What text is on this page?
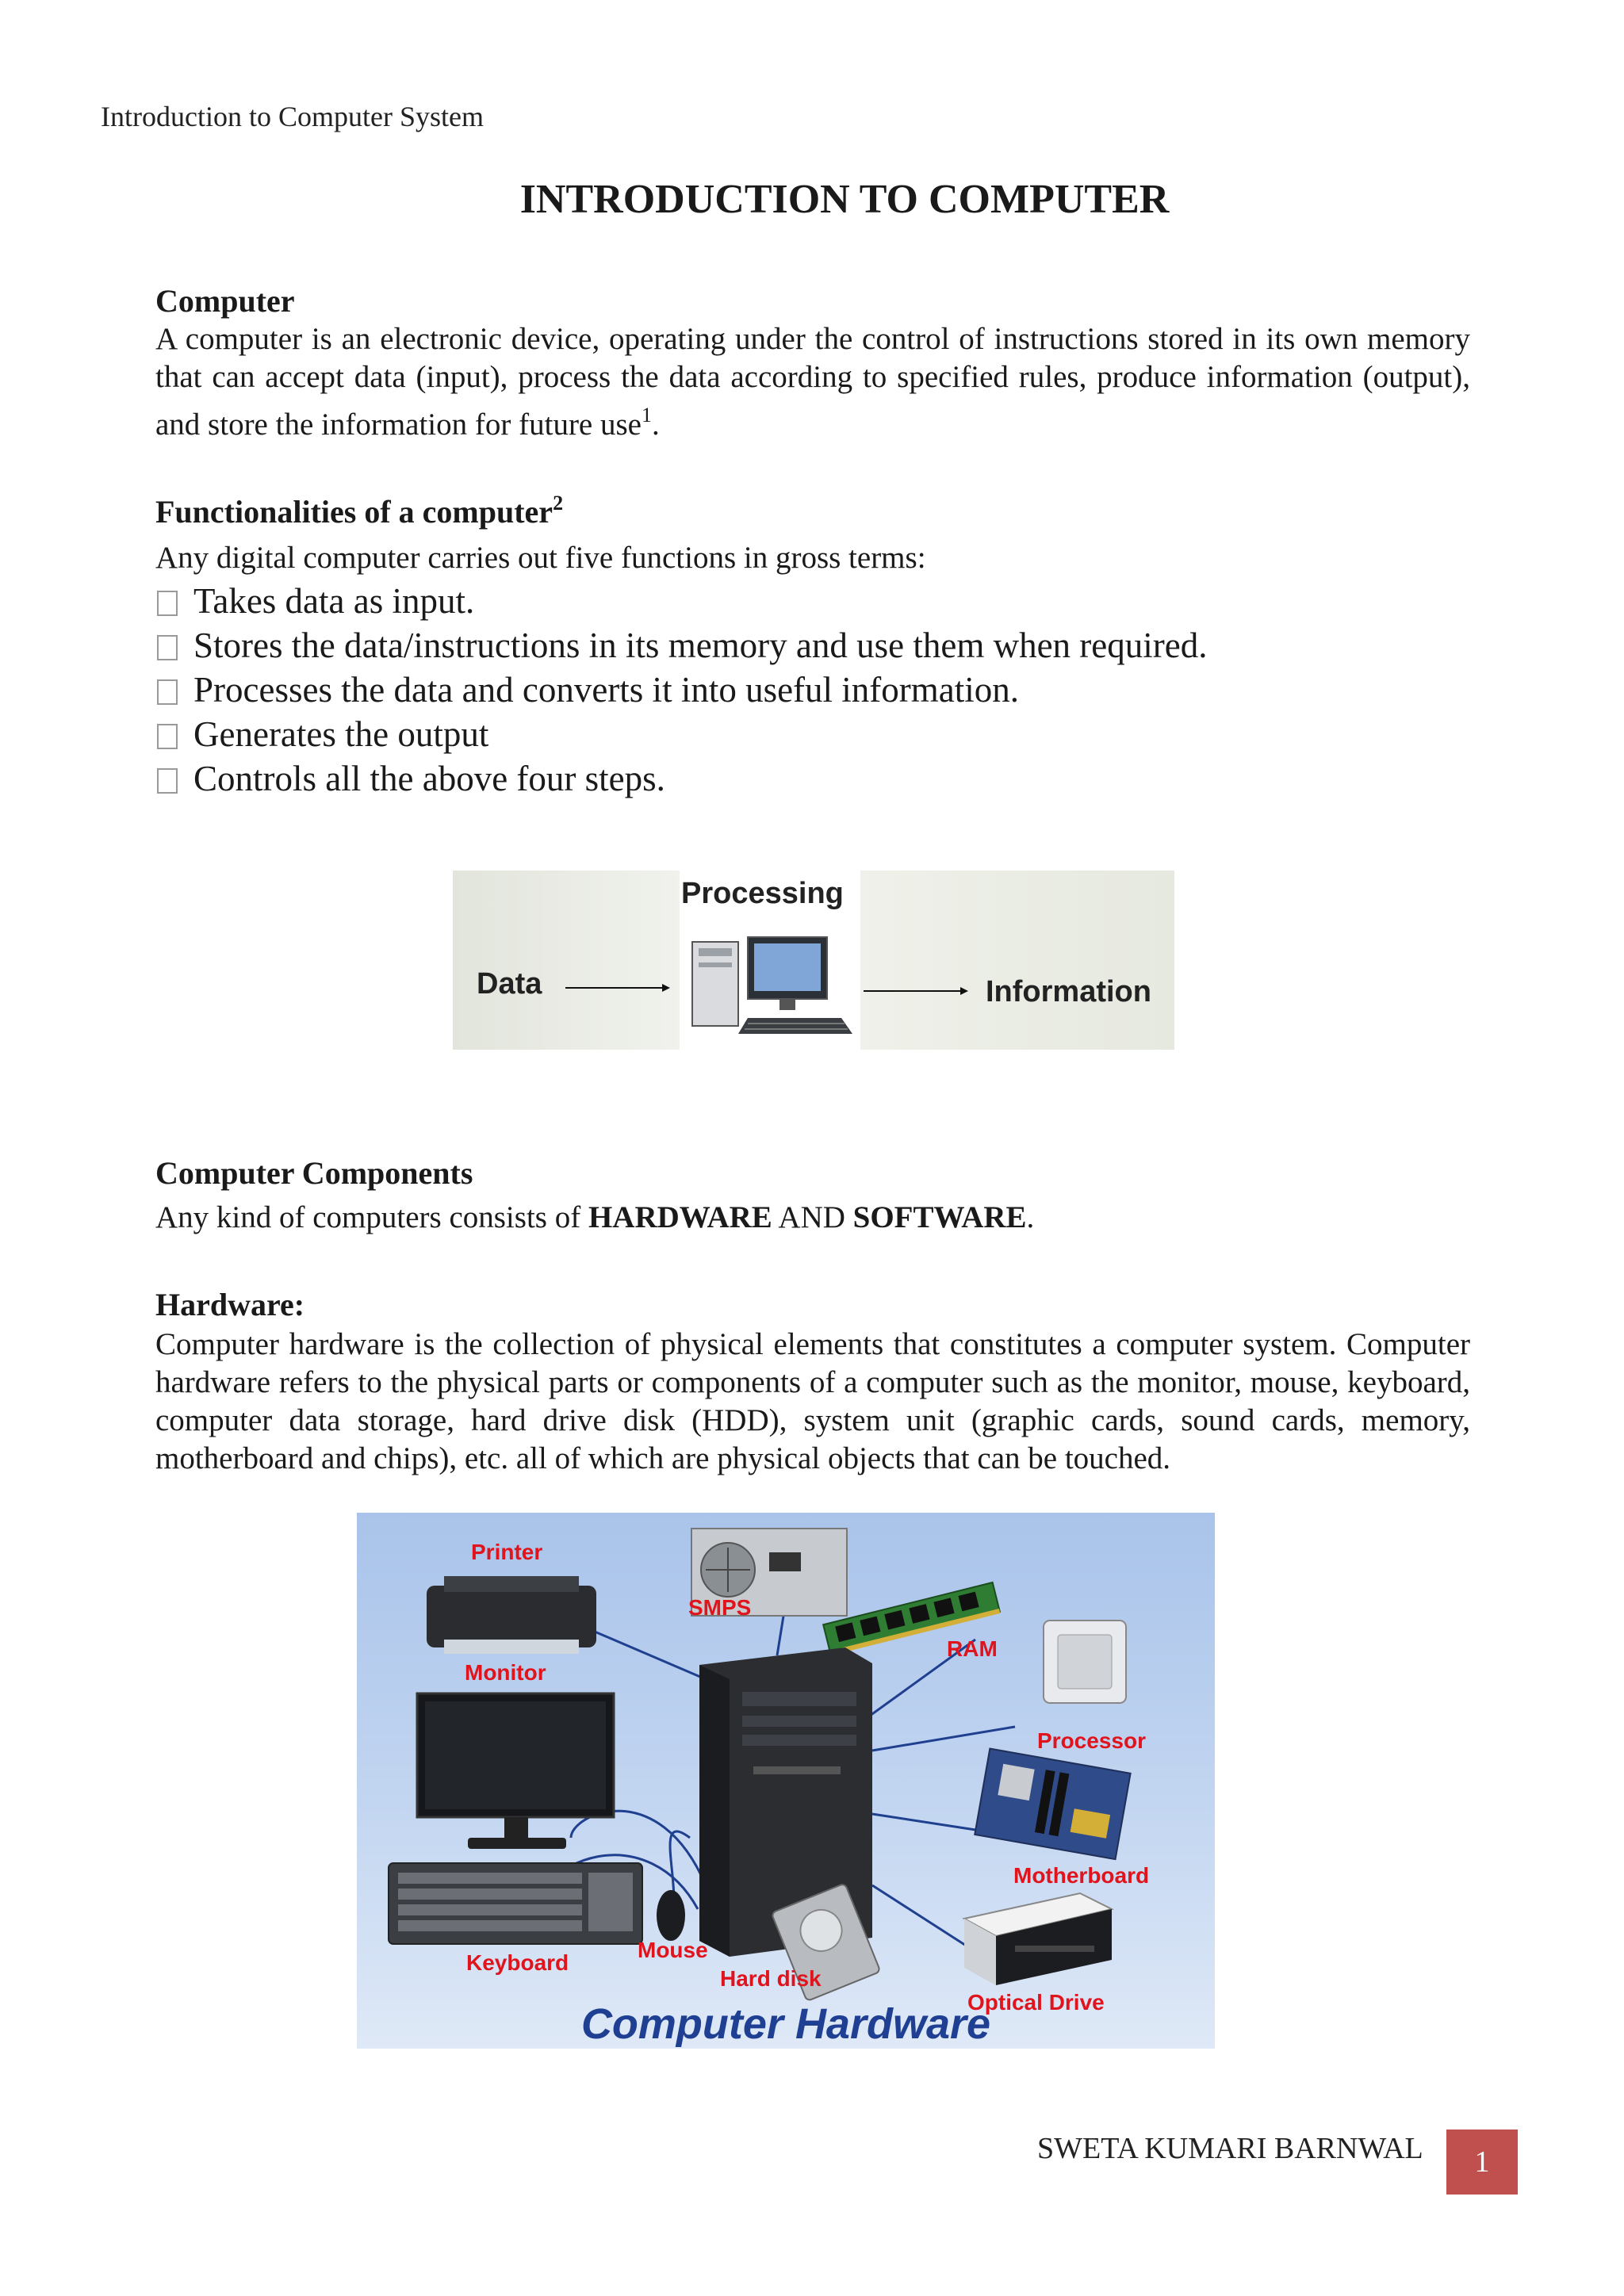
Introduction to Computer System
INTRODUCTION TO COMPUTER
Computer
A computer is an electronic device, operating under the control of instructions stored in its own memory that can accept data (input), process the data according to specified rules, produce information (output), and store the information for future use$^1$.
Functionalities of a computer$^2$
Any digital computer carries out five functions in gross terms:
Takes data as input.
Stores the data/instructions in its memory and use them when required.
Processes the data and converts it into useful information.
Generates the output
Controls all the above four steps.
Processing
Data	Information
Computer Components
Any kind of computers consists of HARDWARE AND SOFTWARE.
Hardware:
Computer hardware is the collection of physical elements that constitutes a computer system. Computer hardware refers to the physical parts or components of a computer such as the monitor, mouse, keyboard, computer data storage, hard drive disk (HDD), system unit (graphic cards, sound cards, memory, motherboard and chips), etc. all of which are physical objects that can be touched.
Printer
SMPS
Monitor
RAM
Processor
Motherboard
Keyboard
Mouse
Hard disk
Optical Drive
Computer Hardware
SWETA KUMARI BARNWAL	1
